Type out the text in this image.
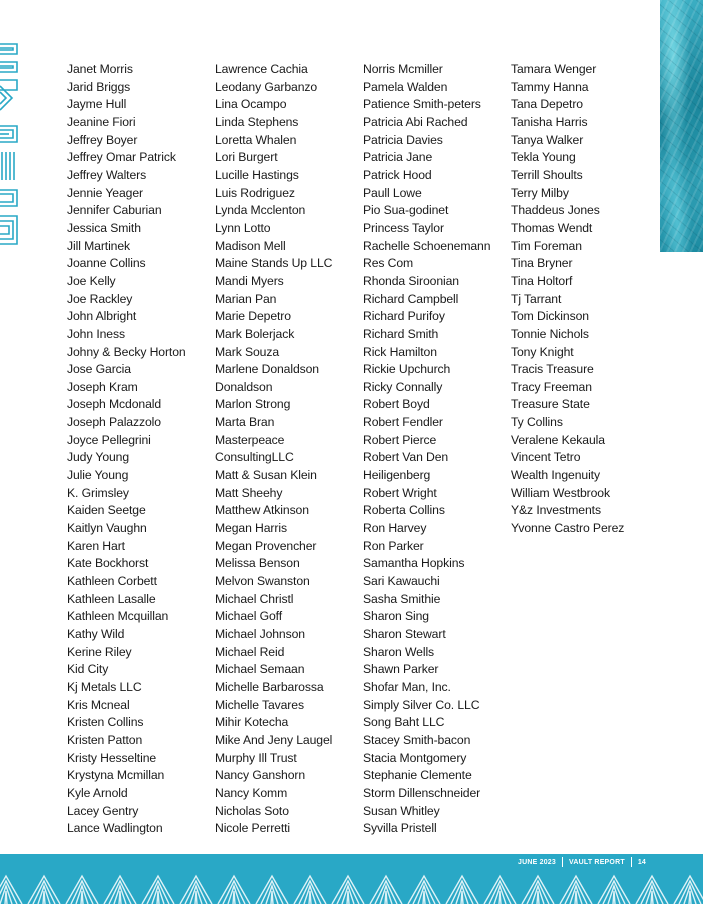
Janet Morris
Jarid Briggs
Jayme Hull
Jeanine Fiori
Jeffrey Boyer
Jeffrey Omar Patrick
Jeffrey Walters
Jennie Yeager
Jennifer Caburian
Jessica Smith
Jill Martinek
Joanne Collins
Joe Kelly
Joe Rackley
John Albright
John Iness
Johny & Becky Horton
Jose Garcia
Joseph Kram
Joseph Mcdonald
Joseph Palazzolo
Joyce Pellegrini
Judy Young
Julie Young
K. Grimsley
Kaiden Seetge
Kaitlyn Vaughn
Karen Hart
Kate Bockhorst
Kathleen Corbett
Kathleen Lasalle
Kathleen Mcquillan
Kathy Wild
Kerine Riley
Kid City
Kj Metals LLC
Kris Mcneal
Kristen Collins
Kristen Patton
Kristy Hesseltine
Krystyna Mcmillan
Kyle Arnold
Lacey Gentry
Lance Wadlington
Lawrence Cachia
Leodany Garbanzo
Lina Ocampo
Linda Stephens
Loretta Whalen
Lori Burgert
Lucille Hastings
Luis Rodriguez
Lynda Mcclenton
Lynn Lotto
Madison Mell
Maine Stands Up LLC
Mandi Myers
Marian Pan
Marie Depetro
Mark Bolerjack
Mark Souza
Marlene Donaldson
Donaldson
Marlon Strong
Marta Bran
Masterpeace
ConsultingLLC
Matt & Susan Klein
Matt Sheehy
Matthew Atkinson
Megan Harris
Megan Provencher
Melissa Benson
Melvon Swanston
Michael Christl
Michael Goff
Michael Johnson
Michael Reid
Michael Semaan
Michelle Barbarossa
Michelle Tavares
Mihir Kotecha
Mike And Jeny Laugel
Murphy Ill Trust
Nancy Ganshorn
Nancy Komm
Nicholas Soto
Nicole Perretti
Norris Mcmiller
Pamela Walden
Patience Smith-peters
Patricia Abi Rached
Patricia Davies
Patricia Jane
Patrick Hood
Paull Lowe
Pio Sua-godinet
Princess Taylor
Rachelle Schoenemann
Res Com
Rhonda Siroonian
Richard Campbell
Richard Purifoy
Richard Smith
Rick Hamilton
Rickie Upchurch
Ricky Connally
Robert Boyd
Robert Fendler
Robert Pierce
Robert Van Den
Heiligenberg
Robert Wright
Roberta Collins
Ron Harvey
Ron Parker
Samantha Hopkins
Sari Kawauchi
Sasha Smithie
Sharon Sing
Sharon Stewart
Sharon Wells
Shawn Parker
Shofar Man, Inc.
Simply Silver Co. LLC
Song Baht LLC
Stacey Smith-bacon
Stacia Montgomery
Stephanie Clemente
Storm Dillenschneider
Susan Whitley
Syvilla Pristell
Tamara Wenger
Tammy Hanna
Tana Depetro
Tanisha Harris
Tanya Walker
Tekla Young
Terrill Shoults
Terry Milby
Thaddeus Jones
Thomas Wendt
Tim Foreman
Tina Bryner
Tina Holtorf
Tj Tarrant
Tom Dickinson
Tonnie Nichols
Tony Knight
Tracis Treasure
Tracy Freeman
Treasure State
Ty Collins
Veralene Kekaula
Vincent Tetro
Wealth Ingenuity
William Westbrook
Y&z Investments
Yvonne Castro Perez
JUNE 2023 VAULT REPORT 14
